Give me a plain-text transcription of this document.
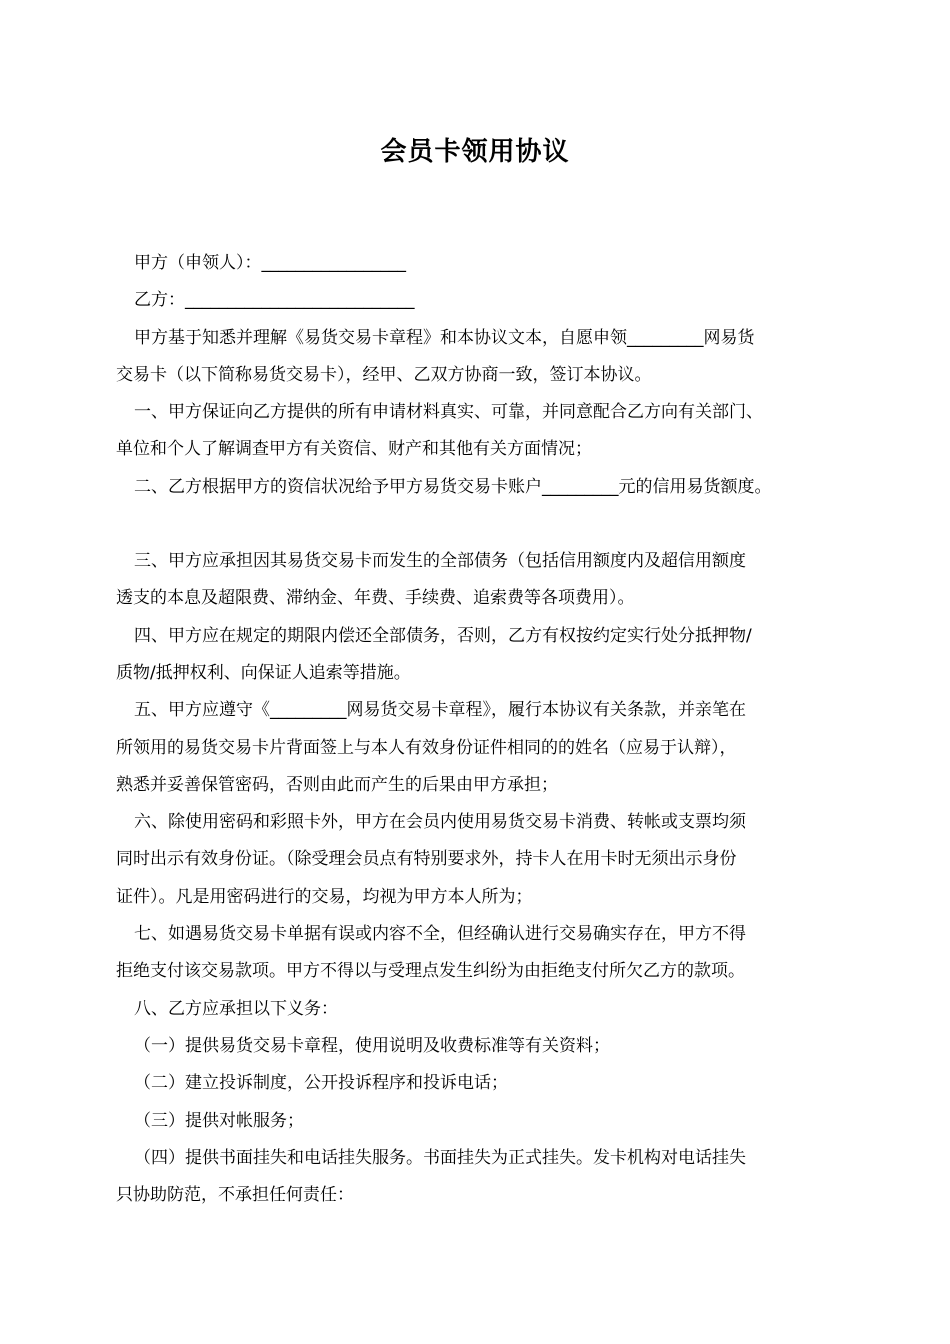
会员卡领用协议

甲方（申领人）：_________________

乙方：___________________________

甲方基于知悉并理解《易货交易卡章程》和本协议文本，自愿申领_________网易货

交易卡（以下简称易货交易卡），经甲、乙双方协商一致，签订本协议。

一、甲方保证向乙方提供的所有申请材料真实、可靠，并同意配合乙方向有关部门、

单位和个人了解调查甲方有关资信、财产和其他有关方面情况；

二、乙方根据甲方的资信状况给予甲方易货交易卡账户_________元的信用易货额度。

三、甲方应承担因其易货交易卡而发生的全部债务（包括信用额度内及超信用额度

透支的本息及超限费、滞纳金、年费、手续费、追索费等各项费用）。

四、甲方应在规定的期限内偿还全部债务，否则，乙方有权按约定实行处分抵押物/

质物/抵押权利、向保证人追索等措施。

五、甲方应遵守《_________网易货交易卡章程》，履行本协议有关条款，并亲笔在

所领用的易货交易卡片背面签上与本人有效身份证件相同的的姓名（应易于认辩），

熟悉并妥善保管密码，否则由此而产生的后果由甲方承担；

六、除使用密码和彩照卡外，甲方在会员内使用易货交易卡消费、转帐或支票均须

同时出示有效身份证。（除受理会员点有特别要求外，持卡人在用卡时无须出示身份

证件）。凡是用密码进行的交易，均视为甲方本人所为；

七、如遇易货交易卡单据有误或内容不全，但经确认进行交易确实存在，甲方不得

拒绝支付该交易款项。甲方不得以与受理点发生纠纷为由拒绝支付所欠乙方的款项。

八、乙方应承担以下义务：

（一）提供易货交易卡章程，使用说明及收费标准等有关资料；

（二）建立投诉制度，公开投诉程序和投诉电话；

（三）提供对帐服务；

（四）提供书面挂失和电话挂失服务。书面挂失为正式挂失。发卡机构对电话挂失

只协助防范，不承担任何责任：
